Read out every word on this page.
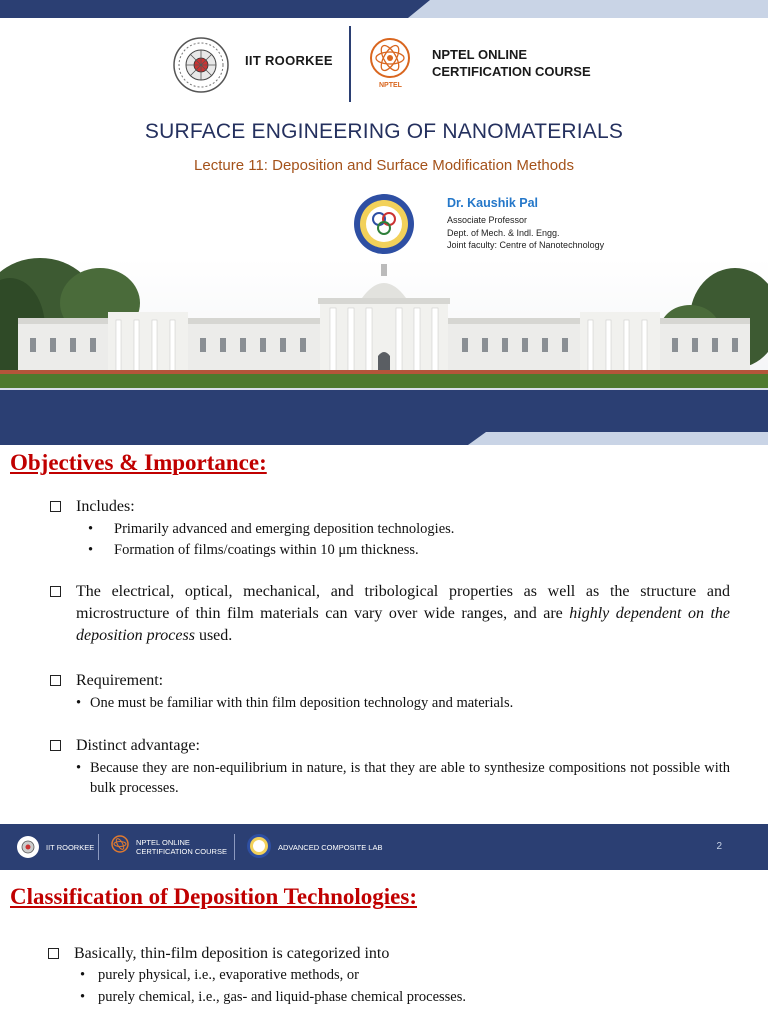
IIT ROORKEE
NPTEL
NPTEL ONLINE
CERTIFICATION COURSE
SURFACE ENGINEERING OF NANOMATERIALS
Lecture 11: Deposition and Surface Modification Methods
Dr. Kaushik Pal
Associate Professor
Dept. of Mech. & Indl. Engg.
Joint faculty: Centre of Nanotechnology
Objectives & Importance:
Includes:
• Primarily advanced and emerging deposition technologies.
• Formation of films/coatings within 10 μm thickness.
The electrical, optical, mechanical, and tribological properties as well as the structure and microstructure of thin film materials can vary over wide ranges, and are highly dependent on the deposition process used.
Requirement:
• One must be familiar with thin film deposition technology and materials.
Distinct advantage:
• Because they are non-equilibrium in nature, is that they are able to synthesize compositions not possible with bulk processes.
IIT ROORKEE
NPTEL ONLINE
CERTIFICATION COURSE	ADVANCED COMPOSITE LAB	2
Classification of Deposition Technologies:
Basically, thin-film deposition is categorized into
• purely physical, i.e., evaporative methods, or
• purely chemical, i.e., gas- and liquid-phase chemical processes.
